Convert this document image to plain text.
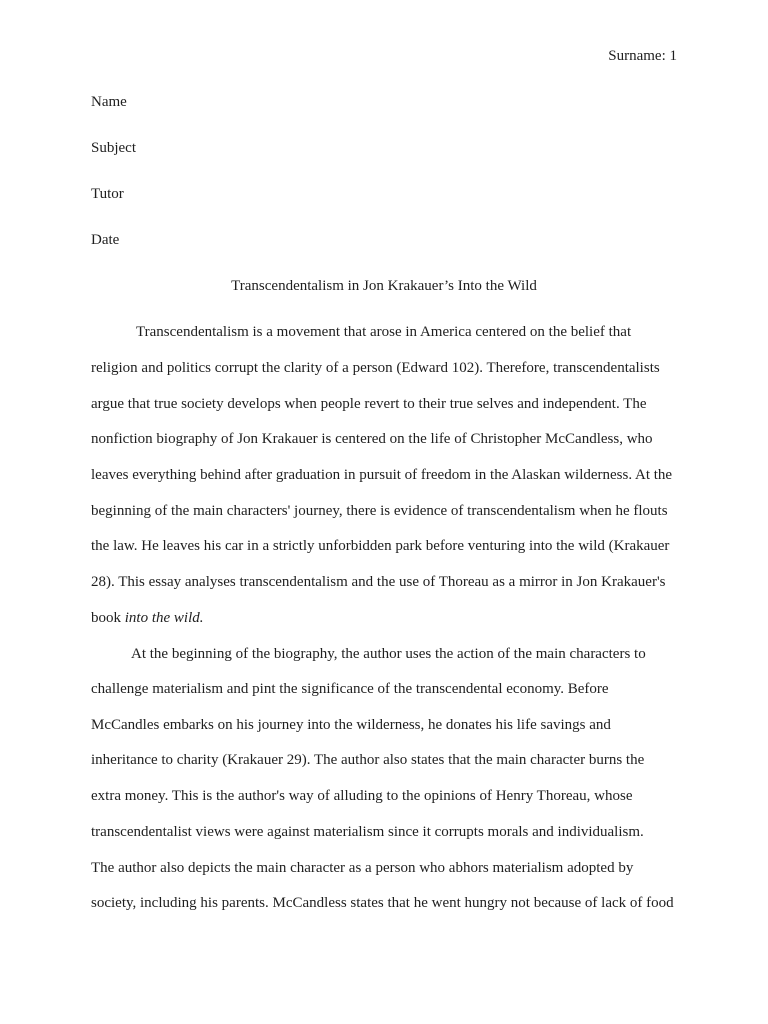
Surname: 1
Name
Subject
Tutor
Date
Transcendentalism in Jon Krakauer’s Into the Wild
Transcendentalism is a movement that arose in America centered on the belief that
religion and politics corrupt the clarity of a person (Edward 102). Therefore, transcendentalists
argue that true society develops when people revert to their true selves and independent. The
nonfiction biography of Jon Krakauer is centered on the life of Christopher McCandless, who
leaves everything behind after graduation in pursuit of freedom in the Alaskan wilderness. At the
beginning of the main characters' journey, there is evidence of transcendentalism when he flouts
the law. He leaves his car in a strictly unforbidden park before venturing into the wild (Krakauer
28). This essay analyses transcendentalism and the use of Thoreau as a mirror in Jon Krakauer's
book into the wild.
At the beginning of the biography, the author uses the action of the main characters to
challenge materialism and pint the significance of the transcendental economy. Before
McCandles embarks on his journey into the wilderness, he donates his life savings and
inheritance to charity (Krakauer 29). The author also states that the main character burns the
extra money. This is the author's way of alluding to the opinions of Henry Thoreau, whose
transcendentalist views were against materialism since it corrupts morals and individualism.
The author also depicts the main character as a person who abhors materialism adopted by
society, including his parents. McCandless states that he went hungry not because of lack of food
